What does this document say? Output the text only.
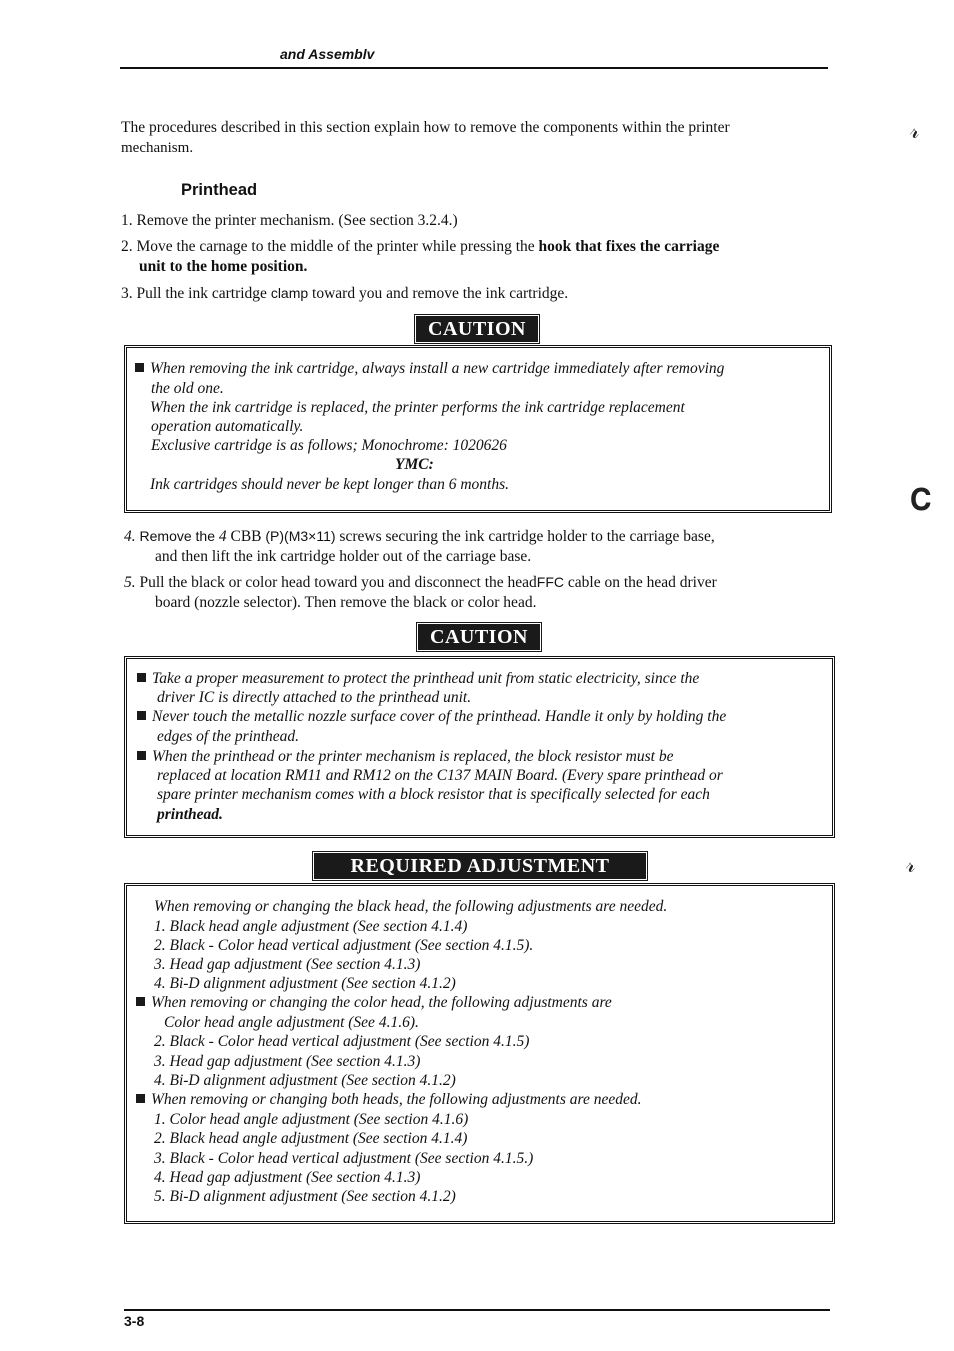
and Assemblv
The procedures described in this section explain how to remove the components within the printer
mechanism.
Printhead
1. Remove the printer mechanism. (See section 3.2.4.)
2. Move the carnage to the middle of the printer while pressing the hook that fixes the carriage
unit to the home position.
3. Pull the ink cartridge clamp toward you and remove the ink cartridge.
CAUTION
When removing the ink cartridge, always install a new cartridge immediately after removing
the old one.
When the ink cartridge is replaced, the printer performs the ink cartridge replacement
operation automatically.
Exclusive cartridge is as follows; Monochrome: 1020626
YMC:
Ink cartridges should never be kept longer than 6 months.
4. Remove the 4 CBB (P)(M3×11) screws securing the ink cartridge holder to the carriage base,
and then lift the ink cartridge holder out of the carriage base.
5. Pull the black or color head toward you and disconnect the headFFC cable on the head driver
board (nozzle selector). Then remove the black or color head.
CAUTION
Take a proper measurement to protect the printhead unit from static electricity, since the
driver IC is directly attached to the printhead unit.
Never touch the metallic nozzle surface cover of the printhead. Handle it only by holding the
edges of the printhead.
When the printhead or the printer mechanism is replaced, the block resistor must be
replaced at location RM11 and RM12 on the C137 MAIN Board. (Every spare printhead or
spare printer mechanism comes with a block resistor that is specifically selected for each
printhead.
REQUIRED ADJUSTMENT
When removing or changing the black head, the following adjustments are needed.
1. Black head angle adjustment (See section 4.1.4)
2. Black - Color head vertical adjustment (See section 4.1.5).
3. Head gap adjustment (See section 4.1.3)
4. Bi-D alignment adjustment (See section 4.1.2)
When removing or changing the color head, the following adjustments are
Color head angle adjustment (See 4.1.6).
2. Black - Color head vertical adjustment (See section 4.1.5)
3. Head gap adjustment (See section 4.1.3)
4. Bi-D alignment adjustment (See section 4.1.2)
When removing or changing both heads, the following adjustments are needed.
1. Color head angle adjustment (See section 4.1.6)
2. Black head angle adjustment (See section 4.1.4)
3. Black - Color head vertical adjustment (See section 4.1.5.)
4. Head gap adjustment (See section 4.1.3)
5. Bi-D alignment adjustment (See section 4.1.2)
𝓇
𝐂
𝓇
3-8
